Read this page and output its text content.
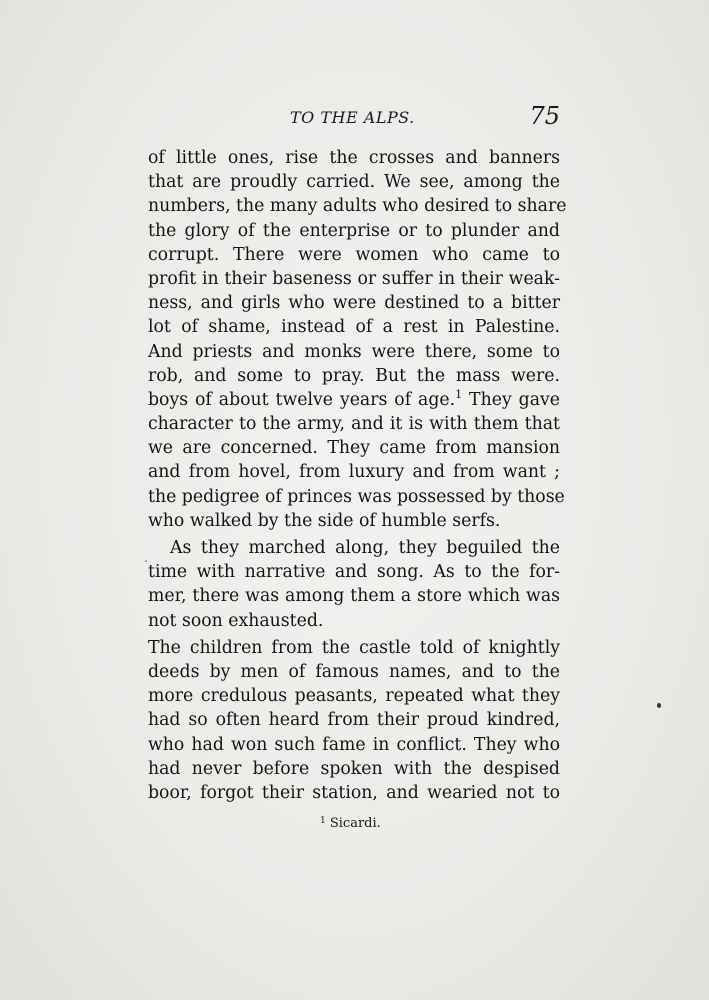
TO THE ALPS.	75
of little ones, rise the crosses and banners
that are proudly carried. We see, among the
numbers, the many adults who desired to share
the glory of the enterprise or to plunder and
corrupt. There were women who came to
profit in their baseness or suffer in their weak-
ness, and girls who were destined to a bitter
lot of shame, instead of a rest in Palestine.
And priests and monks were there, some to
rob, and some to pray. But the mass were.
boys of about twelve years of age.$^1$ They gave
character to the army, and it is with them that
we are concerned. They came from mansion
and from hovel, from luxury and from want ;
the pedigree of princes was possessed by those
who walked by the side of humble serfs.
As they marched along, they beguiled the
time with narrative and song. As to the for-
mer, there was among them a store which was
not soon exhausted.
The children from the castle told of knightly
deeds by men of famous names, and to the
more credulous peasants, repeated what they
had so often heard from their proud kindred,
who had won such fame in conflict. They who
had never before spoken with the despised
boor, forgot their station, and wearied not to
$^1$ Sicardi.
